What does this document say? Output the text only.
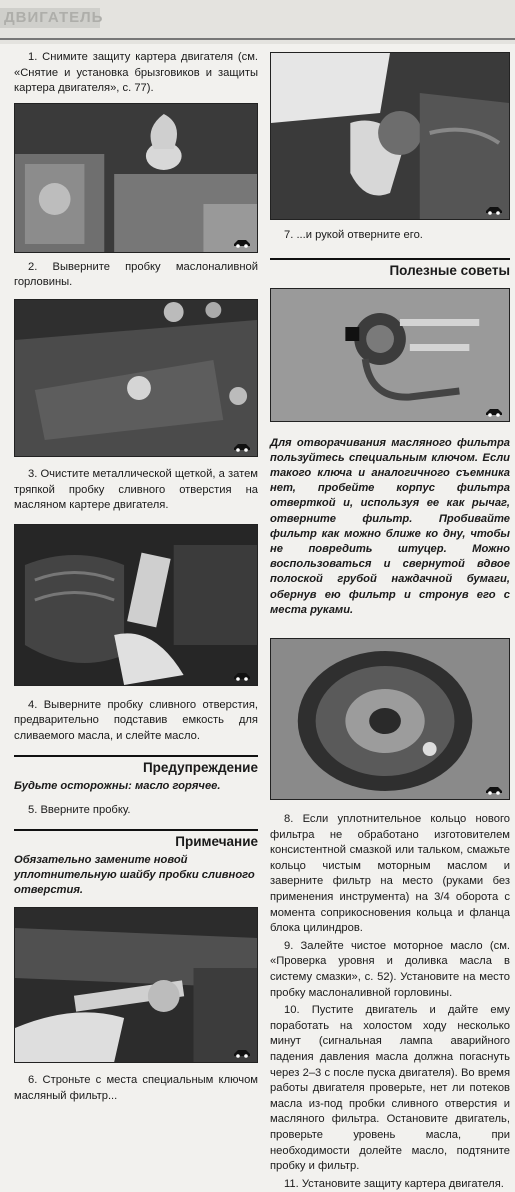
ДВИГАТЕЛЬ

1. Снимите защиту картера двигателя (см. «Снятие и установка брызговиков и защиты картера двигателя», с. 77).

2. Выверните пробку маслоналивной горловины.

3. Очистите металлической щеткой, а затем тряпкой пробку сливного отверстия на масляном картере двигателя.

4. Выверните пробку сливного отверстия, предварительно подставив емкость для сливаемого масла, и слейте масло.

Предупреждение

Будьте осторожны: масло горячее.

5. Вверните пробку.

Примечание

Обязательно замените новой уплотнительную шайбу пробки сливного отверстия.

6. Строньте с места специальным ключом масляный фильтр...

7. ...и рукой отверните его.

Полезные советы

Для отворачивания масляного фильтра пользуйтесь специальным ключом. Если такого ключа и аналогичного съемника нет, пробейте корпус фильтра отверткой и, используя ее как рычаг, отверните фильтр. Пробивайте фильтр как можно ближе ко дну, чтобы не повредить штуцер. Можно воспользоваться и свернутой вдвое полоской грубой наждачной бумаги, обернув ею фильтр и стронув его с места руками.

8. Если уплотнительное кольцо нового фильтра не обработано изготовителем консистентной смазкой или тальком, смажьте кольцо чистым моторным маслом и заверните фильтр на место (руками без применения инструмента) на 3/4 оборота с момента соприкосновения кольца и фланца блока цилиндров.

9. Залейте чистое моторное масло (см. «Проверка уровня и доливка масла в систему смазки», с. 52). Установите на место пробку маслоналивной горловины.

10. Пустите двигатель и дайте ему поработать на холостом ходу несколько минут (сигнальная лампа аварийного падения давления масла должна погаснуть через 2–3 с после пуска двигателя). Во время работы двигателя проверьте, нет ли потеков масла из-под пробки сливного отверстия и масляного фильтра. Остановите двигатель, проверьте уровень масла, при необходимости долейте масло, подтяните пробку и фильтр.

11. Установите защиту картера двигателя.
